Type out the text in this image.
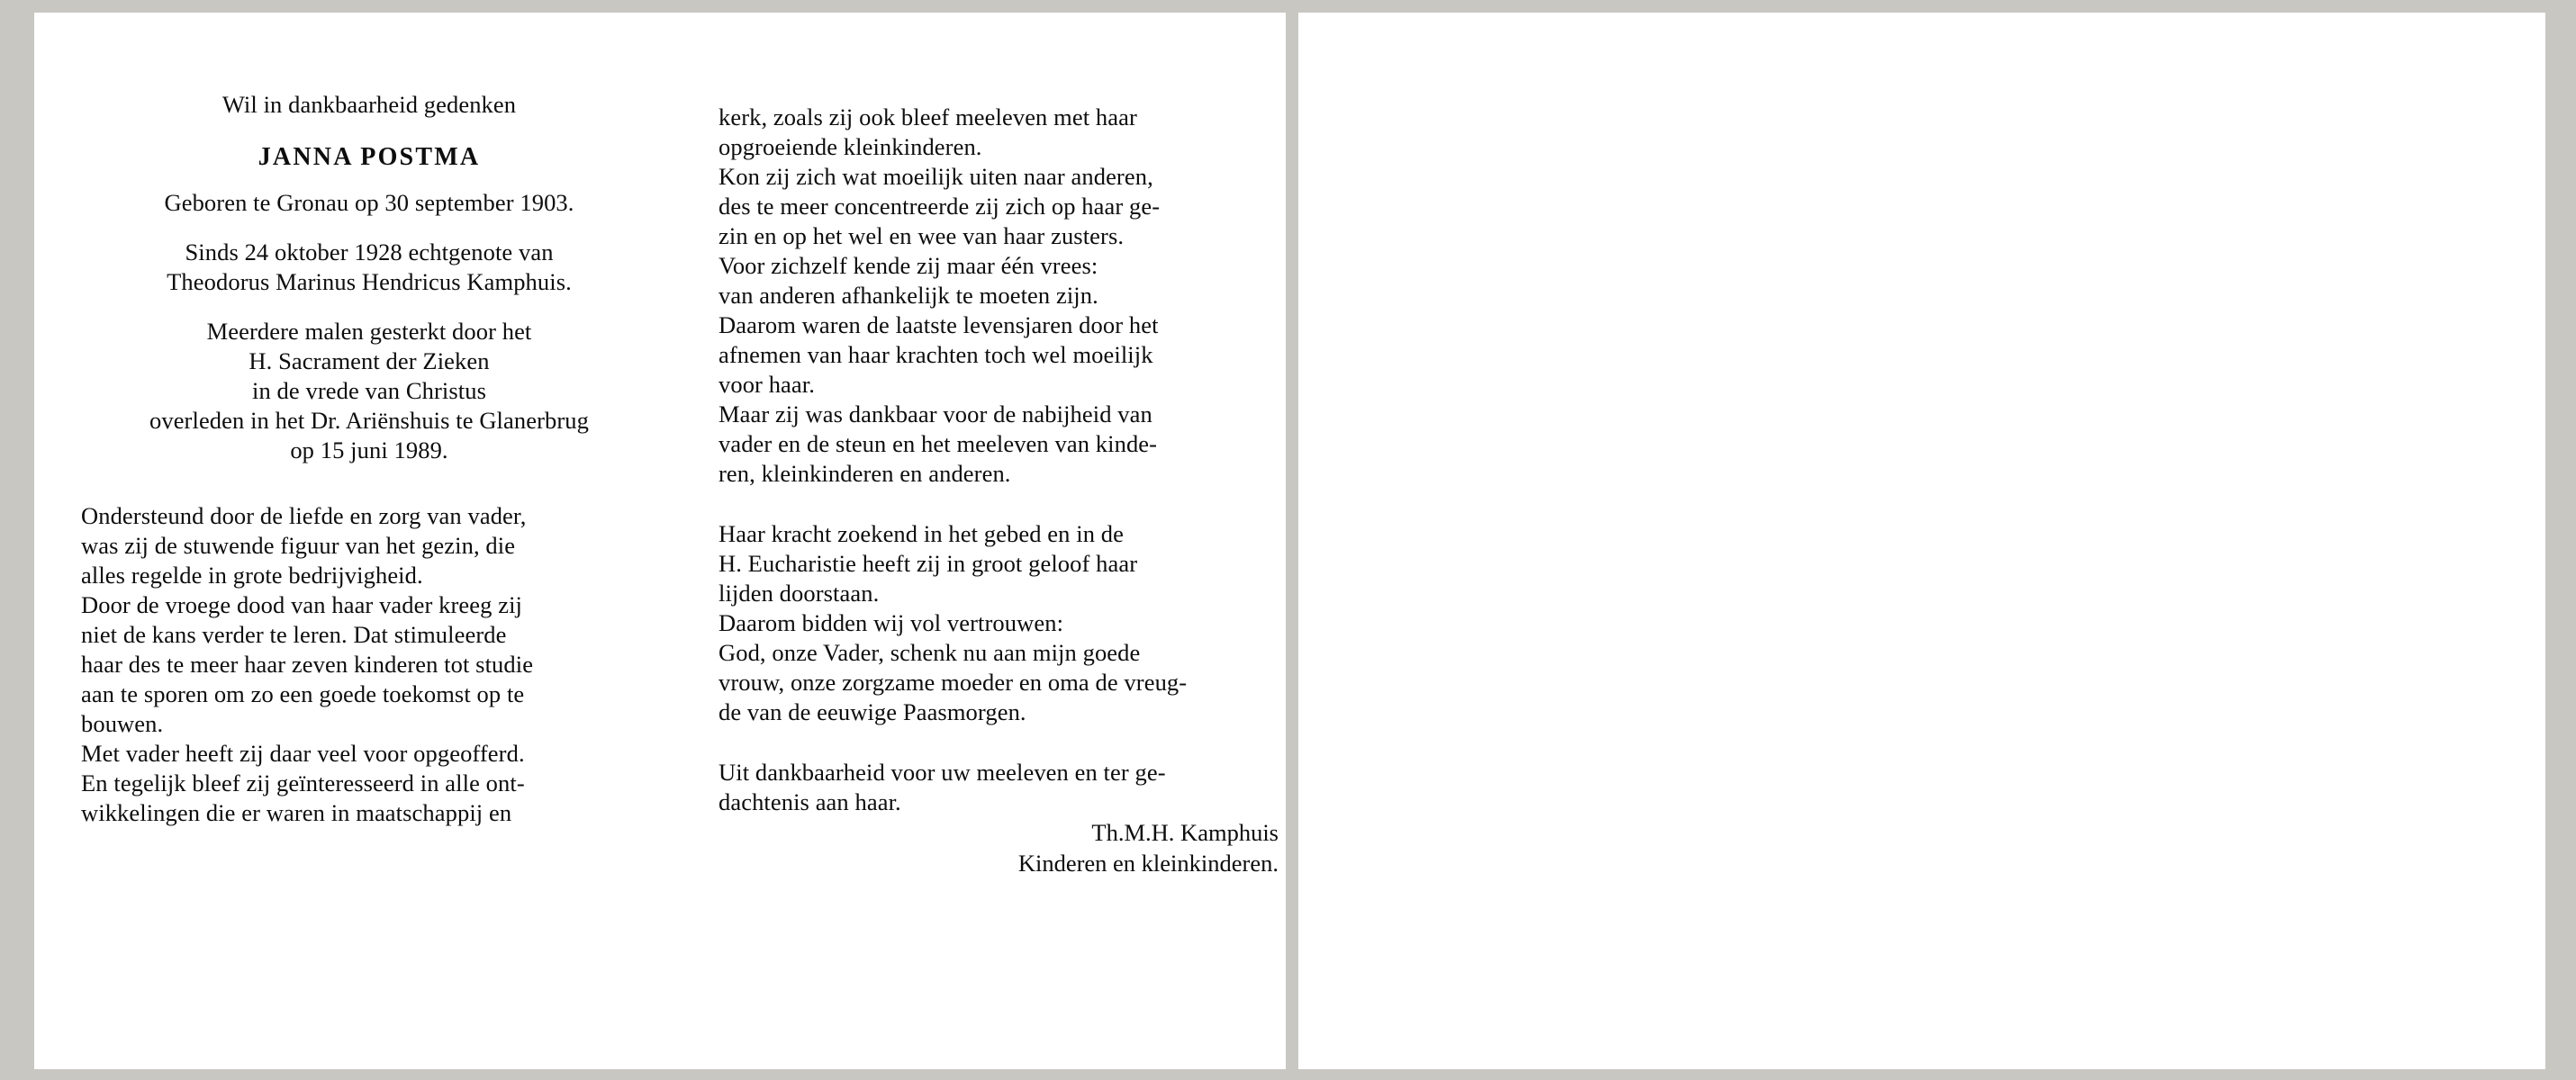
Wil in dankbaarheid gedenken
JANNA POSTMA
Geboren te Gronau op 30 september 1903.
Sinds 24 oktober 1928 echtgenote van
Theodorus Marinus Hendricus Kamphuis.
Meerdere malen gesterkt door het
H. Sacrament der Zieken
in de vrede van Christus
overleden in het Dr. Ariënshuis te Glanerbrug
op 15 juni 1989.
Ondersteund door de liefde en zorg van vader,
was zij de stuwende figuur van het gezin, die
alles regelde in grote bedrijvigheid.
Door de vroege dood van haar vader kreeg zij
niet de kans verder te leren. Dat stimuleerde
haar des te meer haar zeven kinderen tot studie
aan te sporen om zo een goede toekomst op te
bouwen.
Met vader heeft zij daar veel voor opgeofferd.
En tegelijk bleef zij geïnteresseerd in alle ont-
wikkelingen die er waren in maatschappij en
kerk, zoals zij ook bleef meeleven met haar
opgroeiende kleinkinderen.
Kon zij zich wat moeilijk uiten naar anderen,
des te meer concentreerde zij zich op haar ge-
zin en op het wel en wee van haar zusters.
Voor zichzelf kende zij maar één vrees:
van anderen afhankelijk te moeten zijn.
Daarom waren de laatste levensjaren door het
afnemen van haar krachten toch wel moeilijk
voor haar.
Maar zij was dankbaar voor de nabijheid van
vader en de steun en het meeleven van kinde-
ren, kleinkinderen en anderen.
Haar kracht zoekend in het gebed en in de
H. Eucharistie heeft zij in groot geloof haar
lijden doorstaan.
Daarom bidden wij vol vertrouwen:
God, onze Vader, schenk nu aan mijn goede
vrouw, onze zorgzame moeder en oma de vreug-
de van de eeuwige Paasmorgen.
Uit dankbaarheid voor uw meeleven en ter ge-
dachtenis aan haar.
Th.M.H. Kamphuis
Kinderen en kleinkinderen.
